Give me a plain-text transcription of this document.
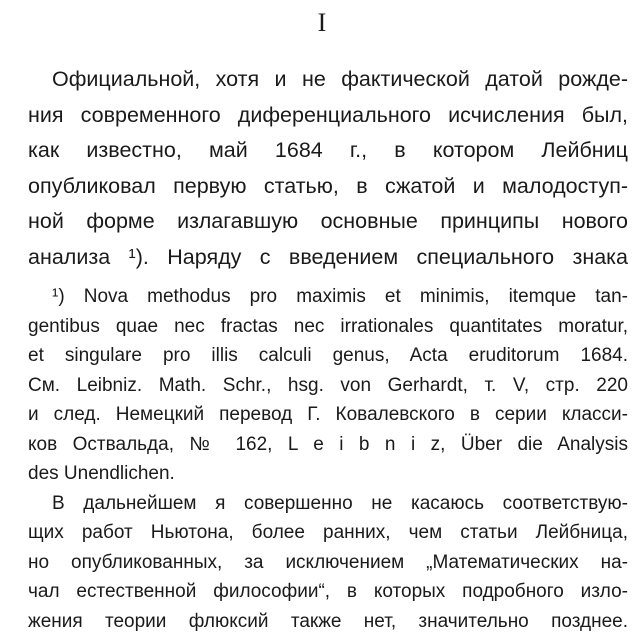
I
Официальной, хотя и не фактической датой рожде-
ния современного диференциального исчисления был,
как известно, май 1684 г., в котором Лейбниц
опубликовал первую статью, в сжатой и малодоступ-
ной форме излагавшую основные принципы нового
анализа ¹). Наряду с введением специального знака
¹) Nova methodus pro maximis et minimis, itemque tan-
gentibus quae nec fractas nec irrationales quantitates moratur,
et singulare pro illis calculi genus, Acta eruditorum 1684.
См. Leibniz. Math. Schr., hsg. von Gerhardt, т. V, стр. 220
и след. Немецкий перевод Г. Ковалевского в серии класси-
ков Оствальда, № 162, L e i b n i z, Über die Analysis
des Unendlichen.
В дальнейшем я совершенно не касаюсь соответствую-
щих работ Ньютона, более ранних, чем статьи Лейбница,
но опубликованных, за исключением „Математических на-
чал естественной философии“, в которых подробного изло-
жения теории флюксий также нет, значительно позднее.
